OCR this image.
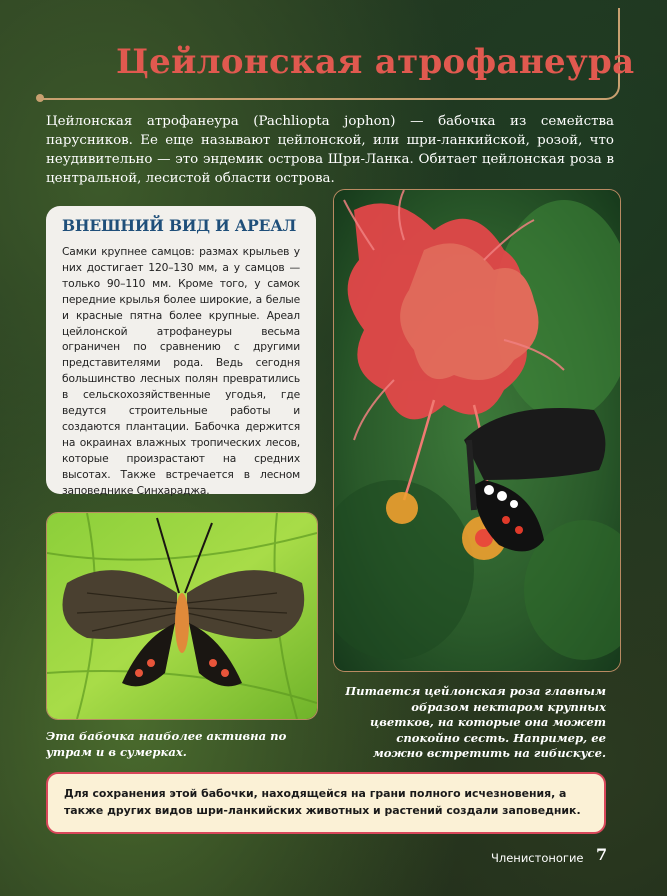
Цейлонская атрофанеура

Цейлонская атрофанеура (Pachliopta jophon) — бабочка из семейства парусников. Ее еще называют цейлонской, или шри-ланкийской, розой, что неудивительно — это эндемик острова Шри-Ланка. Обитает цейлонская роза в центральной, лесистой области острова.

ВНЕШНИЙ ВИД И АРЕАЛ

Самки крупнее самцов: размах крыльев у них достигает 120–130 мм, а у самцов — только 90–110 мм. Кроме того, у самок передние крылья более широкие, а белые и красные пятна более крупные. Ареал цейлонской атрофанеуры весьма ограничен по сравнению с другими представителями рода. Ведь сегодня большинство лесных полян превратились в сельскохозяйственные угодья, где ведутся строительные работы и создаются плантации. Бабочка держится на окраинах влажных тропических лесов, которые произрастают на средних высотах. Также встречается в лесном заповеднике Синхараджа.

Эта бабочка наиболее активна по утрам и в сумерках.

Питается цейлонская роза главным образом нектаром крупных цветков, на которые она может спокойно сесть. Например, ее можно встретить на гибискусе.

Для сохранения этой бабочки, находящейся на грани полного исчезновения, а также других видов шри-ланкийских животных и растений создали заповедник.

Членистоногие 7
